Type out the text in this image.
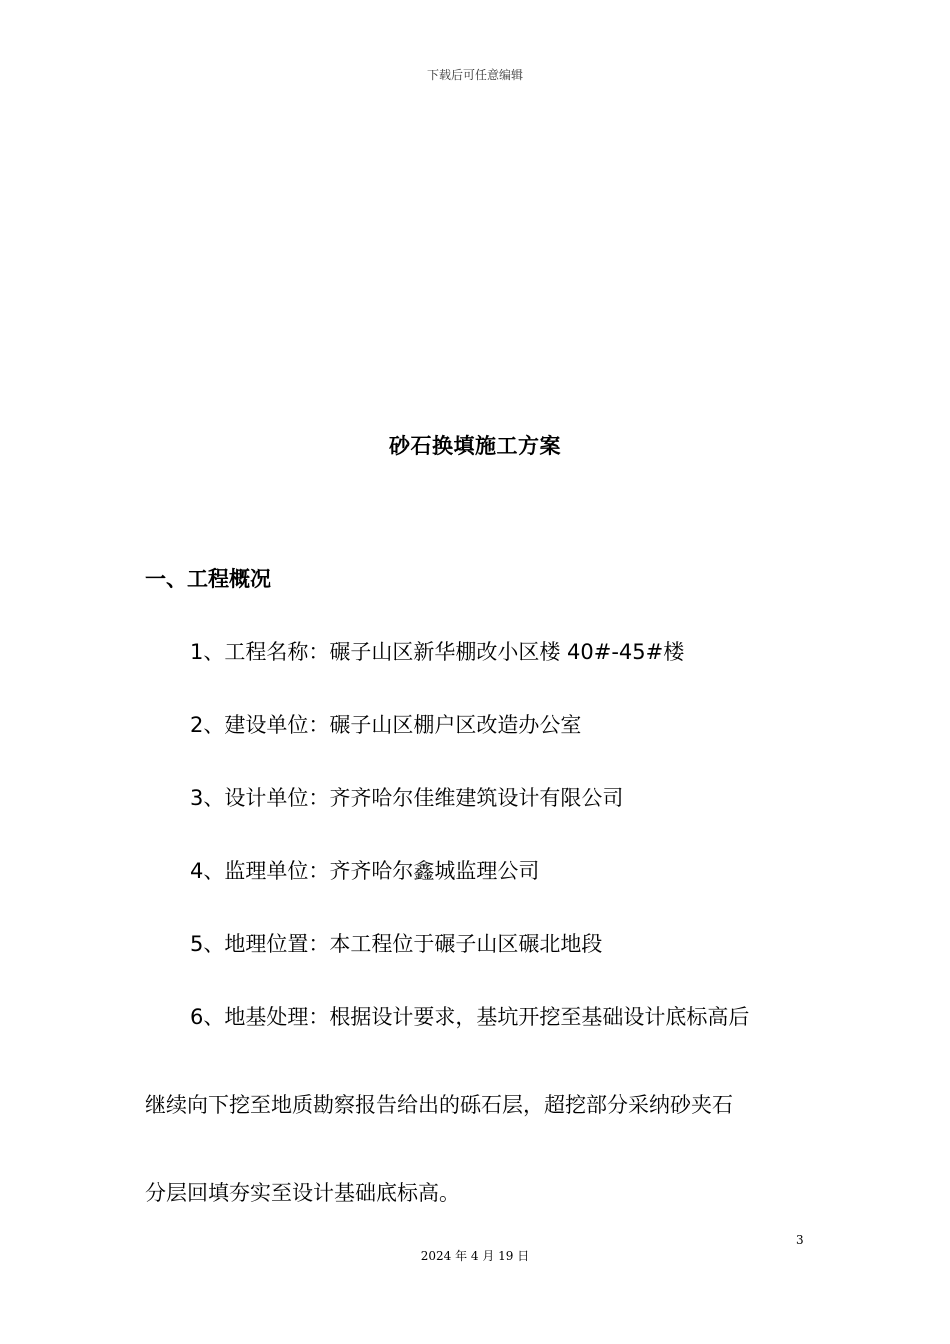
下载后可任意编辑
砂石换填施工方案
一、工程概况
1、工程名称：碾子山区新华棚改小区楼 40#-45#楼
2、建设单位：碾子山区棚户区改造办公室
3、设计单位：齐齐哈尔佳维建筑设计有限公司
4、监理单位：齐齐哈尔鑫城监理公司
5、地理位置：本工程位于碾子山区碾北地段
6、地基处理：根据设计要求，基坑开挖至基础设计底标高后
继续向下挖至地质勘察报告给出的砾石层，超挖部分采纳砂夹石
分层回填夯实至设计基础底标高。
3
2024 年 4 月 19 日
